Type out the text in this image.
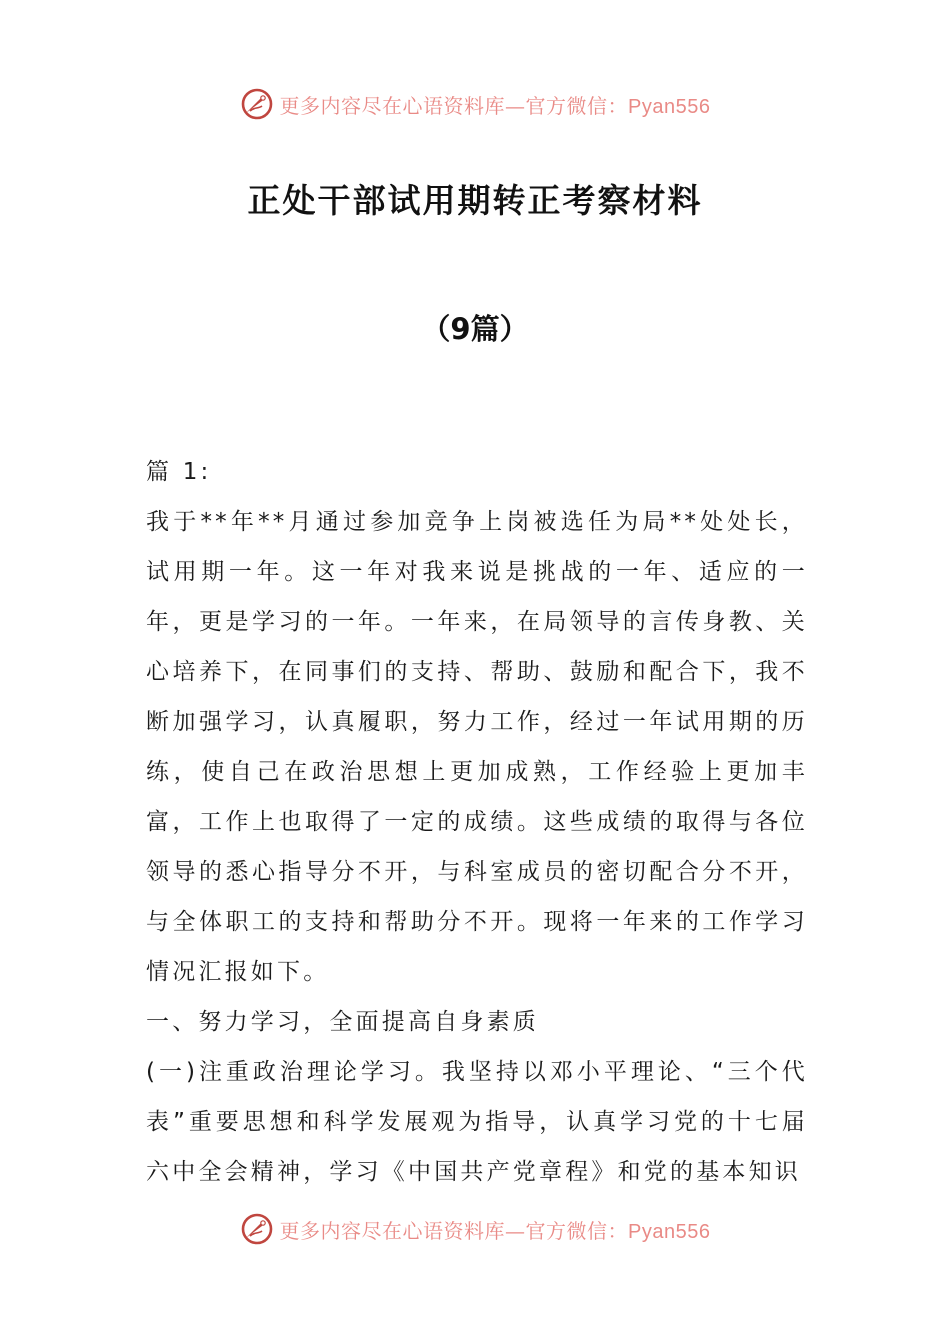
更多内容尽在心语资料库—官方微信：Pyan556
正处干部试用期转正考察材料
（9篇）

篇 1:

我于**年**月通过参加竞争上岗被选任为局**处处长，试用期一年。这一年对我来说是挑战的一年、适应的一年，更是学习的一年。一年来，在局领导的言传身教、关心培养下，在同事们的支持、帮助、鼓励和配合下，我不断加强学习，认真履职，努力工作，经过一年试用期的历练，使自己在政治思想上更加成熟，工作经验上更加丰富，工作上也取得了一定的成绩。这些成绩的取得与各位领导的悉心指导分不开，与科室成员的密切配合分不开，与全体职工的支持和帮助分不开。现将一年来的工作学习情况汇报如下。

一、努力学习，全面提高自身素质

(一)注重政治理论学习。我坚持以邓小平理论、“三个代表”重要思想和科学发展观为指导，认真学习党的十七届六中全会精神，学习《中国共产党章程》和党的基本知识

更多内容尽在心语资料库—官方微信：Pyan556
